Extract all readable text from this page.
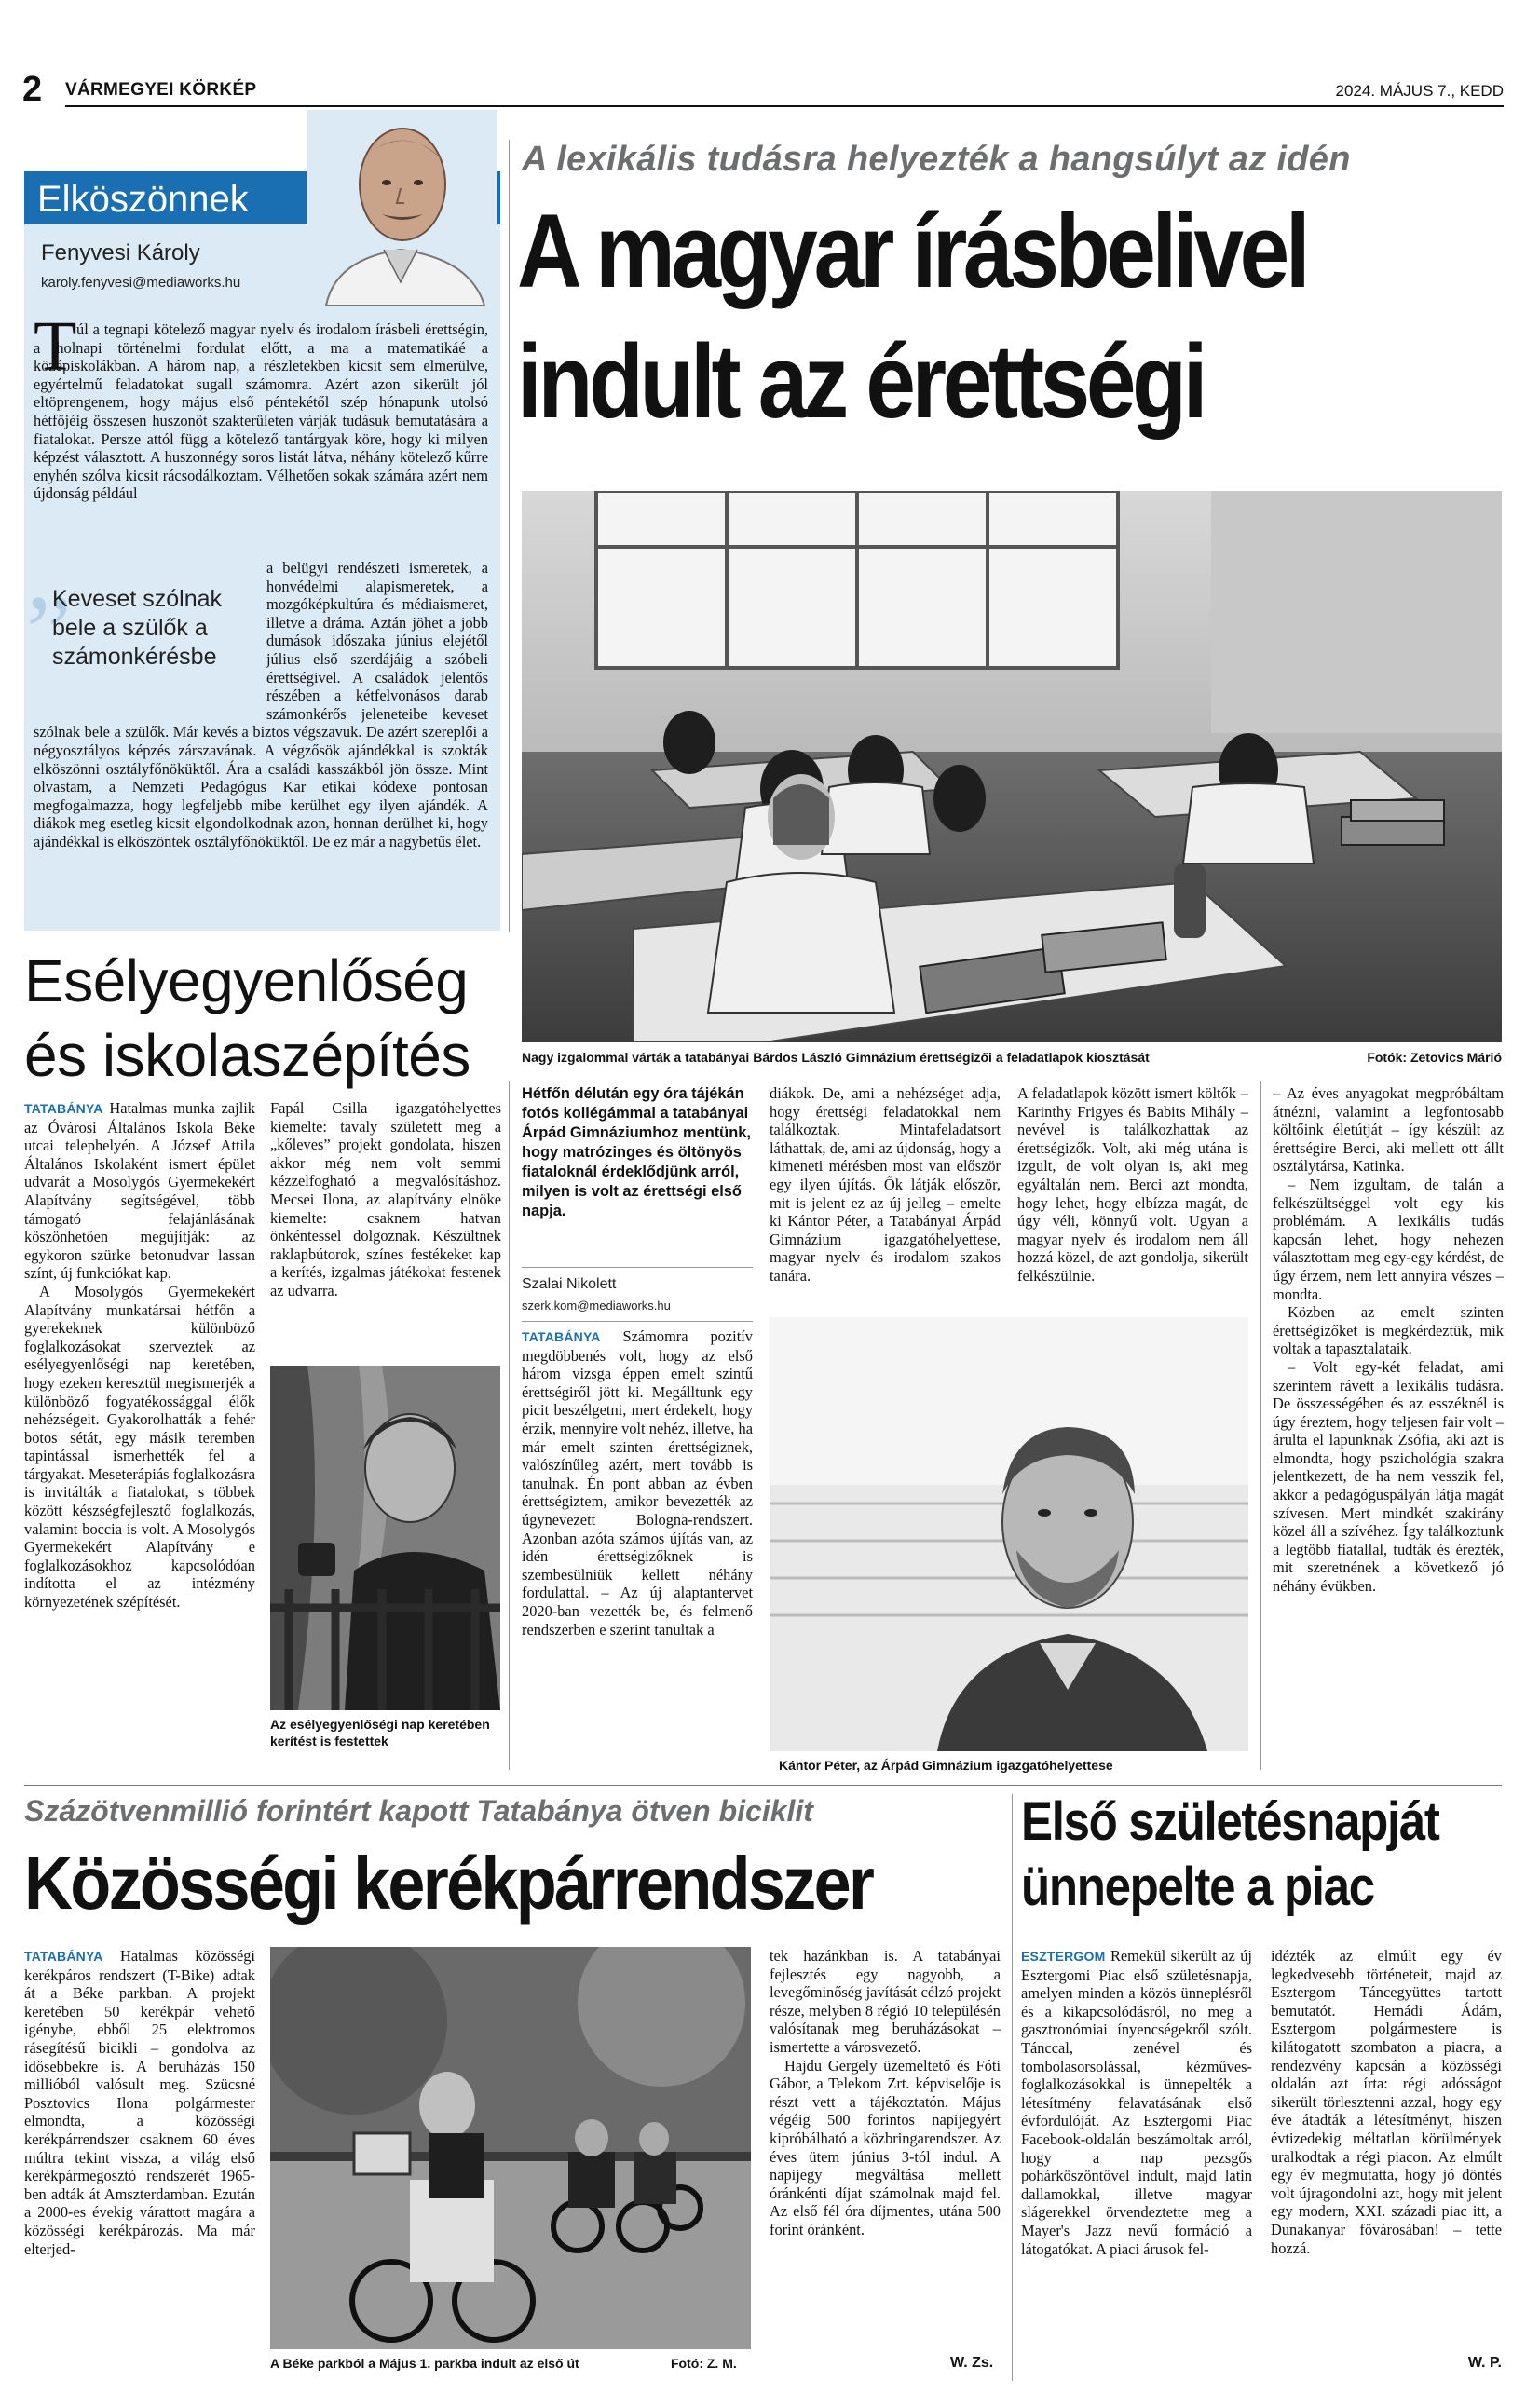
2 VÁRMEGYEI KÖRKÉP	2024. MÁJUS 7., KEDD
Elköszönnek
Fenyvesi Károly
karoly.fenyvesi@mediaworks.hu
T úl a tegnapi kötelező magyar nyelv és irodalom írásbeli érettségin, a holnapi történelmi fordulat előtt, a ma a matematikáé a középiskolákban. A három nap, a részletekben kicsit sem elmerülve, egyértelmű feladatokat sugall számomra. Azért azon sikerült jól eltöprengenem, hogy május első péntekétől szép hónapunk utolsó hétfőjéig összesen huszonöt szakterületen várják tudásuk bemutatására a fiatalokat. Persze attól függ a kötelező tantárgyak köre, hogy ki milyen képzést választott. A huszonnégy soros listát látva, néhány kötelező kűrre enyhén szólva kicsit rácsodálkoztam. Vélhetően sokak számára azért nem újdonság például
”
Keveset szólnak bele a szülők a számonkérésbe
a belügyi rendészeti ismeretek, a honvédelmi alapismeretek, a mozgóképkultúra és médiaismeret, illetve a dráma. Aztán jöhet a jobb dumások időszaka június elejétől július első szerdájáig a szóbeli érettségivel. A családok jelentős részében a kétfelvonásos darab számonkérős jeleneteibe keveset szólnak bele a szülők. Már kevés a biztos végszavuk. De azért szereplői a négyosztályos képzés zárszavának. A végzősök ajándékkal is szokták elköszönni osztályfőnöküktől. Ára a családi kasszákból jön össze. Mint olvastam, a Nemzeti Pedagógus Kar etikai kódexe pontosan megfogalmazza, hogy legfeljebb mibe kerülhet egy ilyen ajándék. A diákok meg esetleg kicsit elgondolkodnak azon, honnan derülhet ki, hogy ajándékkal is elköszöntek osztályfőnöküktől. De ez már a nagybetűs élet.
A lexikális tudásra helyezték a hangsúlyt az idén
A magyar írásbelivel
indult az érettségi
Nagy izgalommal várták a tatabányai Bárdos László Gimnázium érettségizői a feladatlapok kiosztását	Fotók: Zetovics Márió
Hétfőn délután egy óra tájékán fotós kollégámmal a tatabányai Árpád Gimnáziumhoz mentünk, hogy matrózinges és öltönyös fiataloknál érdeklődjünk arról, milyen is volt az érettségi első napja.
Szalai Nikolett
szerk.kom@mediaworks.hu
TATABÁNYA Számomra pozitív megdöbbenés volt, hogy az első három vizsga éppen emelt szintű érettségiről jött ki. Megálltunk egy picit beszélgetni, mert érdekelt, hogy érzik, mennyire volt nehéz, illetve, ha már emelt szinten érettségiznek, valószínűleg azért, mert tovább is tanulnak. Én pont abban az évben érettségiztem, amikor bevezették az úgynevezett Bologna-rendszert. Azonban azóta számos újítás van, az idén érettségizőknek is szembesülniük kellett néhány fordulattal. – Az új alaptantervet 2020-ban vezették be, és felmenő rendszerben e szerint tanultak a
diákok. De, ami a nehézséget adja, hogy érettségi feladatokkal nem találkoztak. Mintafeladatsort láthattak, de, ami az újdonság, hogy a kimeneti mérésben most van először egy ilyen újítás. Ők látják először, mit is jelent ez az új jelleg – emelte ki Kántor Péter, a Tatabányai Árpád Gimnázium igazgatóhelyettese, magyar nyelv és irodalom szakos tanára.
A feladatlapok között ismert költők – Karinthy Frigyes és Babits Mihály – nevével is találkozhattak az érettségizők. Volt, aki még utána is izgult, de volt olyan is, aki meg egyáltalán nem. Berci azt mondta, hogy lehet, hogy elbízza magát, de úgy véli, könnyű volt. Ugyan a magyar nyelv és irodalom nem áll hozzá közel, de azt gondolja, sikerült felkészülnie.
Kántor Péter, az Árpád Gimnázium igazgatóhelyettese

– Az éves anyagokat megpróbáltam átnézni, valamint a legfontosabb költőink életútját – így készült az érettségire Berci, aki mellett ott állt osztálytársa, Katinka.

– Nem izgultam, de talán a felkészültséggel volt egy kis problémám. A lexikális tudás kapcsán lehet, hogy nehezen választottam meg egy-egy kérdést, de úgy érzem, nem lett annyira vészes – mondta.

Közben az emelt szinten érettségizőket is megkérdeztük, mik voltak a tapasztalataik.

– Volt egy-két feladat, ami szerintem rávett a lexikális tudásra. De összességében és az esszéknél is úgy éreztem, hogy teljesen fair volt – árulta el lapunknak Zsófia, aki azt is elmondta, hogy pszichológia szakra jelentkezett, de ha nem vesszik fel, akkor a pedagóguspályán látja magát szívesen. Mert mindkét szakirány közel áll a szívéhez. Így találkoztunk a legtöbb fiatallal, tudták és érezték, mit szeretnének a következő jó néhány évükben.

Esélyegyenlőség
és iskolaszépítés

TATABÁNYA Hatalmas munka zajlik az Óvárosi Általános Iskola Béke utcai telephelyén. A József Attila Általános Iskolaként ismert épület udvarát a Mosolygós Gyermekekért Alapítvány segítségével, több támogató felajánlásának köszönhetően megújítják: az egykoron szürke betonudvar lassan színt, új funkciókat kap.

A Mosolygós Gyermekekért Alapítvány munkatársai hétfőn a gyerekeknek különböző foglalkozásokat szerveztek az esélyegyenlőségi nap keretében, hogy ezeken keresztül megismerjék a különböző fogyatékossággal élők nehézségeit. Gyakorolhatták a fehér botos sétát, egy másik teremben tapintással ismerhették fel a tárgyakat. Meseterápiás foglalkozásra is invitálták a fiatalokat, s többek között készségfejlesztő foglalkozás, valamint boccia is volt. A Mosolygós Gyermekekért Alapítvány e foglalkozásokhoz kapcsolódóan indította el az intézmény környezetének szépítését.

Fapál Csilla igazgatóhelyettes kiemelte: tavaly született meg a „kőleves” projekt gondolata, hiszen akkor még nem volt semmi kézzelfogható a megvalósításhoz. Mecsei Ilona, az alapítvány elnöke kiemelte: csaknem hatvan önkéntessel dolgoznak. Készültnek raklapbútorok, színes festékeket kap a kerítés, izgalmas játékokat festenek az udvarra.
Az esélyegyenlőségi nap keretében kerítést is festettek
Százötvenmillió forintért kapott Tatabánya ötven biciklit
Közösségi kerékpárrendszer
TATABÁNYA Hatalmas közösségi kerékpáros rendszert (T-Bike) adtak át a Béke parkban. A projekt keretében 50 kerékpár vehető igénybe, ebből 25 elektromos rásegítésű bicikli – gondolva az idősebbekre is. A beruházás 150 millióból valósult meg. Szücsné Posztovics Ilona polgármester elmondta, a közösségi kerékpárrendszer csaknem 60 éves múltra tekint vissza, a világ első kerékpármegosztó rendszerét 1965-ben adták át Amszterdamban. Ezután a 2000-es évekig várattott magára a közösségi kerékpározás. Ma már elterjed-
A Béke parkból a Május 1. parkba indult az első út	Fotó: Z. M.

tek hazánkban is. A tatabányai fejlesztés egy nagyobb, a levegőminőség javítását célzó projekt része, melyben 8 régió 10 településén valósítanak meg beruházásokat – ismertette a városvezető.

Hajdu Gergely üzemeltető és Fóti Gábor, a Telekom Zrt. képviselője is részt vett a tájékoztatón. Május végéig 500 forintos napijegyért kipróbálható a közbringarendszer. Az éves ütem június 3-tól indul. A napijegy megváltása mellett óránkénti díjat számolnak majd fel. Az első fél óra díjmentes, utána 500 forint óránként.

W. Zs.
Első születésnapját
ünnepelte a piac
ESZTERGOM Remekül sikerült az új Esztergomi Piac első születésnapja, amelyen minden a közös ünneplésről és a kikapcsolódásról, no meg a gasztronómiai ínyencségekről szólt. Tánccal, zenével és tombolasorsolással, kézműves-foglalkozásokkal is ünnepelték a létesítmény felavatásának első évfordulóját. Az Esztergomi Piac Facebook-oldalán beszámoltak arról, hogy a nap pezsgős pohárköszöntővel indult, majd latin dallamokkal, illetve magyar slágerekkel örvendeztette meg a Mayer's Jazz nevű formáció a látogatókat. A piaci árusok fel-
idézték az elmúlt egy év legkedvesebb történeteit, majd az Esztergom Táncegyüttes tartott bemutatót. Hernádi Ádám, Esztergom polgármestere is kilátogatott szombaton a piacra, a rendezvény kapcsán a közösségi oldalán azt írta: régi adósságot sikerült törlesztenni azzal, hogy egy éve átadták a létesítményt, hiszen évtizedekig méltatlan körülmények uralkodtak a régi piacon. Az elmúlt egy év megmutatta, hogy jó döntés volt újragondolni azt, hogy mit jelent egy modern, XXI. századi piac itt, a Dunakanyar fővárosában! – tette hozzá.
W. P.
